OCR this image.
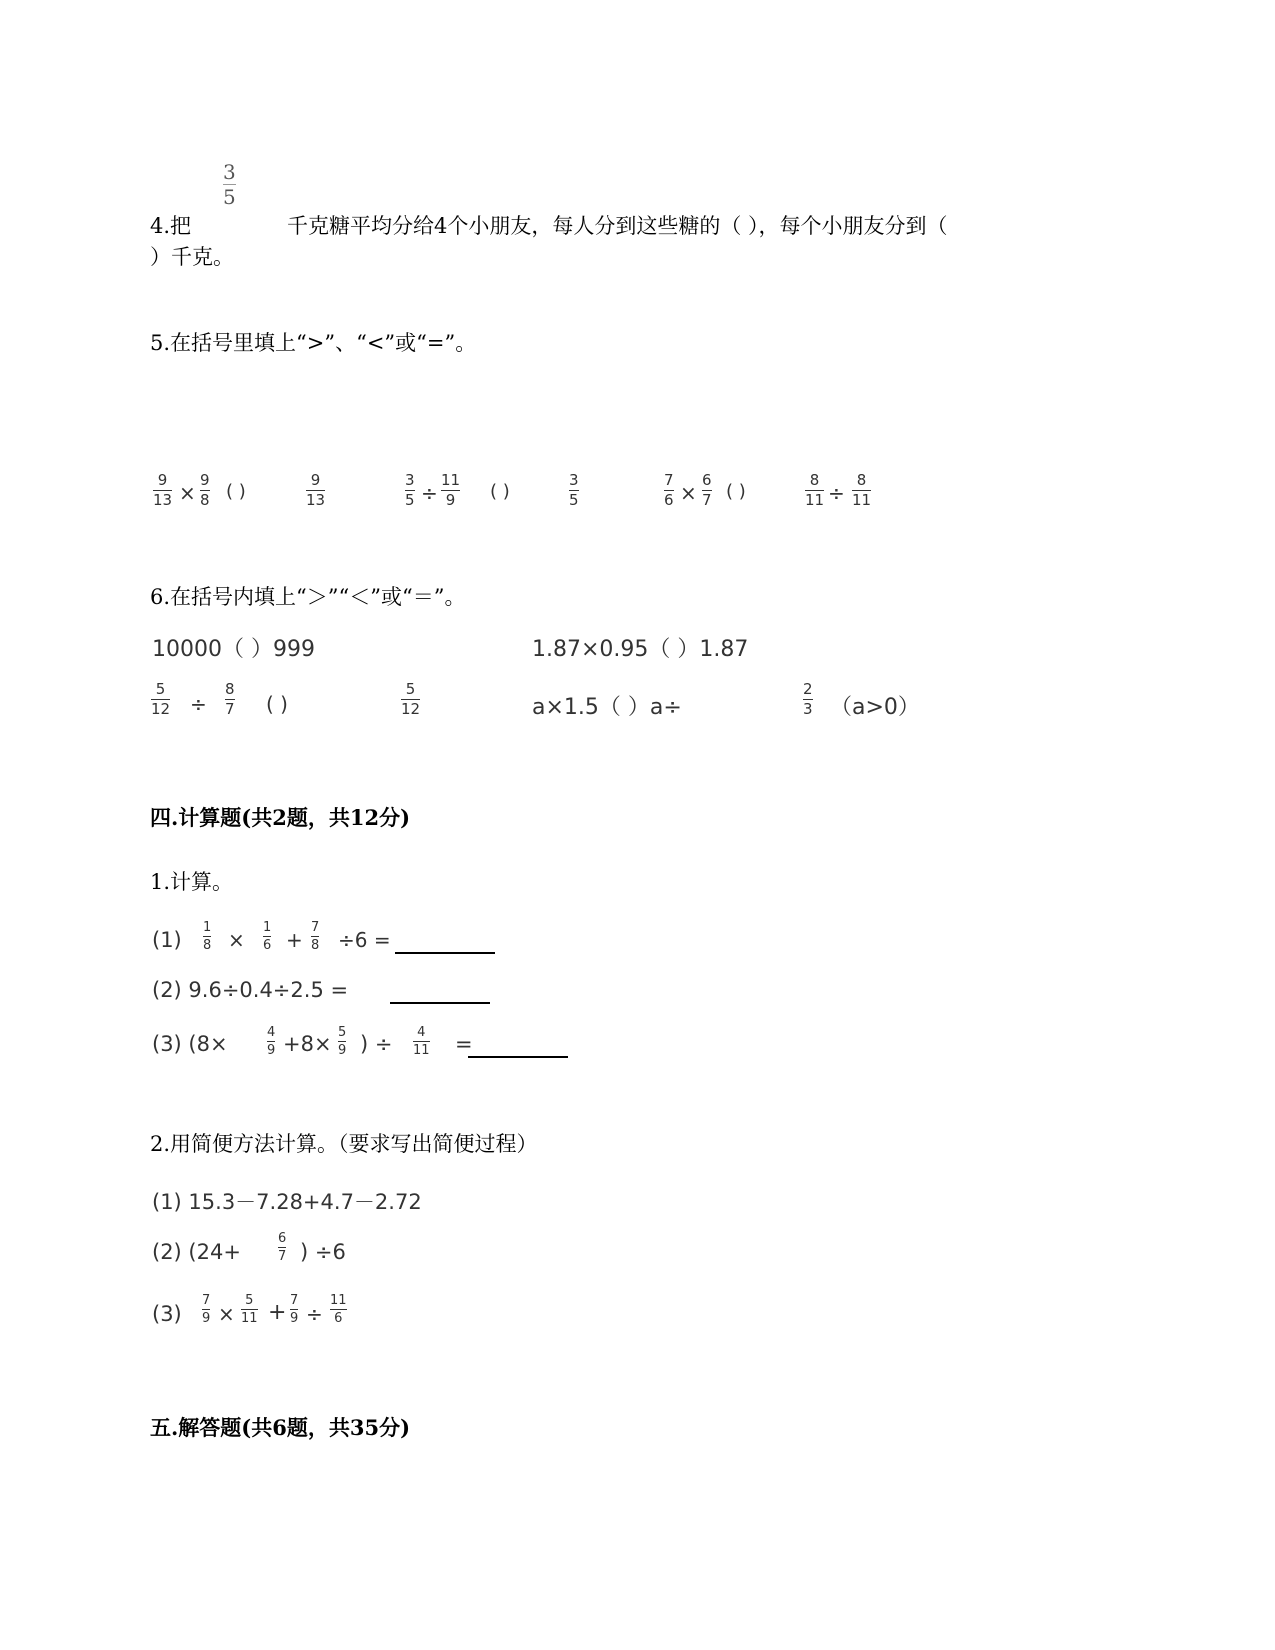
3
5
4.把	千克糖平均分给4个小朋友，每人分到这些糖的（ ），每个小朋友分到（
）千克。
5.在括号里填上“>”、“<”或“=”。
9
13 ×
9
8 ( )
9
13
3
5 ÷
11
9 ( )
3
5
7
6 ×
6
7 ( )
8
11 ÷
8
11
6.在括号内填上“＞”“＜”或“＝”。
10000（ ）999	1.87×0.95（ ）1.87
5
12 ÷
8
7 ( )
5
12	a×1.5（ ）a÷
2
3 （a>0）
四.计算题(共2题，共12分)
1.计算。
(1)
1
8 ×
1
6 +
7
8 ÷6 =
(2) 9.6÷0.4÷2.5 =
(3) (8×	4
9 +8× 5
9 ) ÷ 4
11 =
2.用简便方法计算。（要求写出简便过程）
(1) 15.3－7.28+4.7－2.72
(2) (24+
6
7 ) ÷6
(3)
7
9 ×
5
11 + 7
9 ÷
11
6
五.解答题(共6题，共35分)
